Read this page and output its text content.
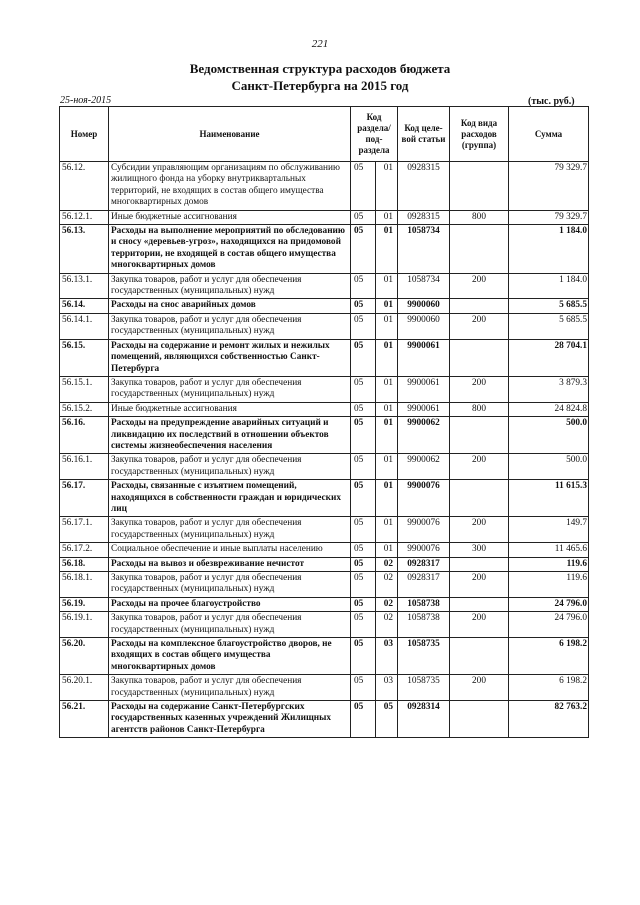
221
Ведомственная структура расходов бюджета
Санкт-Петербурга на 2015 год
25-ноя-2015	(тыс. руб.)
Номер	Наименование	Код раздела/ под-раздела		Код целе-вой статьи	Код вида расходов (группа)	Сумма
56.12.	Субсидии управляющим организациям по обслуживанию жилищного фонда на уборку внутриквартальных территорий, не входящих в состав общего имущества многоквартирных домов	05	01	0928315		79 329.7
56.12.1.	Иные бюджетные ассигнования	05	01	0928315	800	79 329.7
56.13.	Расходы на выполнение мероприятий по обследованию и сносу «деревьев-угроз», находящихся на придомовой территории, не входящей в состав общего имущества многоквартирных домов	05	01	1058734		1 184.0
56.13.1.	Закупка товаров, работ и услуг для обеспечения государственных (муниципальных) нужд	05	01	1058734	200	1 184.0
56.14.	Расходы на снос аварийных домов	05	01	9900060		5 685.5
56.14.1.	Закупка товаров, работ и услуг для обеспечения государственных (муниципальных) нужд	05	01	9900060	200	5 685.5
56.15.	Расходы на содержание и ремонт жилых и нежилых помещений, являющихся собственностью Санкт-Петербурга	05	01	9900061		28 704.1
56.15.1.	Закупка товаров, работ и услуг для обеспечения государственных (муниципальных) нужд	05	01	9900061	200	3 879.3
56.15.2.	Иные бюджетные ассигнования	05	01	9900061	800	24 824.8
56.16.	Расходы на предупреждение аварийных ситуаций и ликвидацию их последствий в отношении объектов системы жизнеобеспечения населения	05	01	9900062		500.0
56.16.1.	Закупка товаров, работ и услуг для обеспечения государственных (муниципальных) нужд	05	01	9900062	200	500.0
56.17.	Расходы, связанные с изъятием помещений, находящихся в собственности граждан и юридических лиц	05	01	9900076		11 615.3
56.17.1.	Закупка товаров, работ и услуг для обеспечения государственных (муниципальных) нужд	05	01	9900076	200	149.7
56.17.2.	Социальное обеспечение и иные выплаты населению	05	01	9900076	300	11 465.6
56.18.	Расходы на вывоз и обезвреживание нечистот	05	02	0928317		119.6
56.18.1.	Закупка товаров, работ и услуг для обеспечения государственных (муниципальных) нужд	05	02	0928317	200	119.6
56.19.	Расходы на прочее благоустройство	05	02	1058738		24 796.0
56.19.1.	Закупка товаров, работ и услуг для обеспечения государственных (муниципальных) нужд	05	02	1058738	200	24 796.0
56.20.	Расходы на комплексное благоустройство дворов, не входящих в состав общего имущества многоквартирных домов	05	03	1058735		6 198.2
56.20.1.	Закупка товаров, работ и услуг для обеспечения государственных (муниципальных) нужд	05	03	1058735	200	6 198.2
56.21.	Расходы на содержание Санкт-Петербургских государственных казенных учреждений Жилищных агентств районов Санкт-Петербурга	05	05	0928314		82 763.2
